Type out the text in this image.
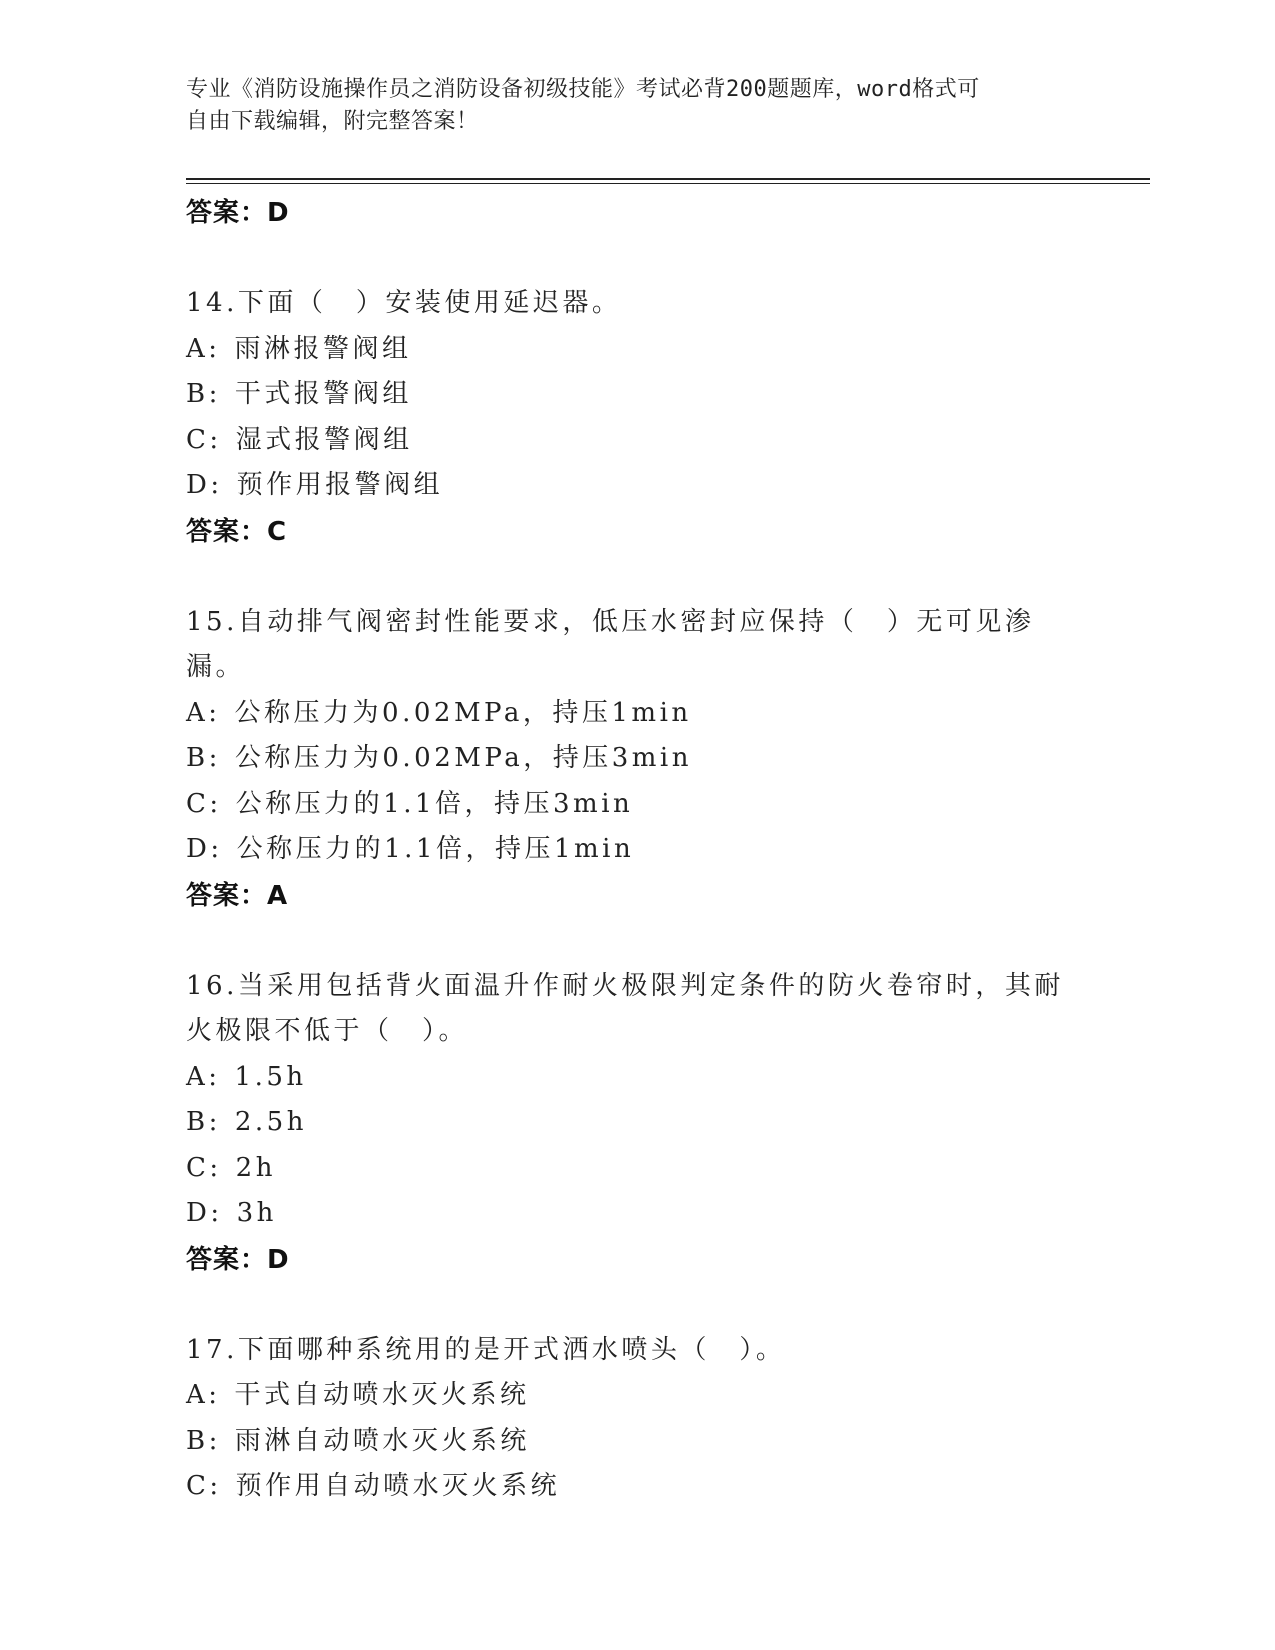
专业《消防设施操作员之消防设备初级技能》考试必背200题题库，word格式可
自由下载编辑，附完整答案！
答案：D
14.下面（　）安装使用延迟器。
A: 雨淋报警阀组
B: 干式报警阀组
C: 湿式报警阀组
D: 预作用报警阀组
答案：C
15.自动排气阀密封性能要求，低压水密封应保持（　）无可见渗漏。
A: 公称压力为0.02MPa，持压1min
B: 公称压力为0.02MPa，持压3min
C: 公称压力的1.1倍，持压3min
D: 公称压力的1.1倍，持压1min
答案：A
16.当采用包括背火面温升作耐火极限判定条件的防火卷帘时，其耐火极限不低于（　）。
A: 1.5h
B: 2.5h
C: 2h
D: 3h
答案：D
17.下面哪种系统用的是开式洒水喷头（　）。
A: 干式自动喷水灭火系统
B: 雨淋自动喷水灭火系统
C: 预作用自动喷水灭火系统
